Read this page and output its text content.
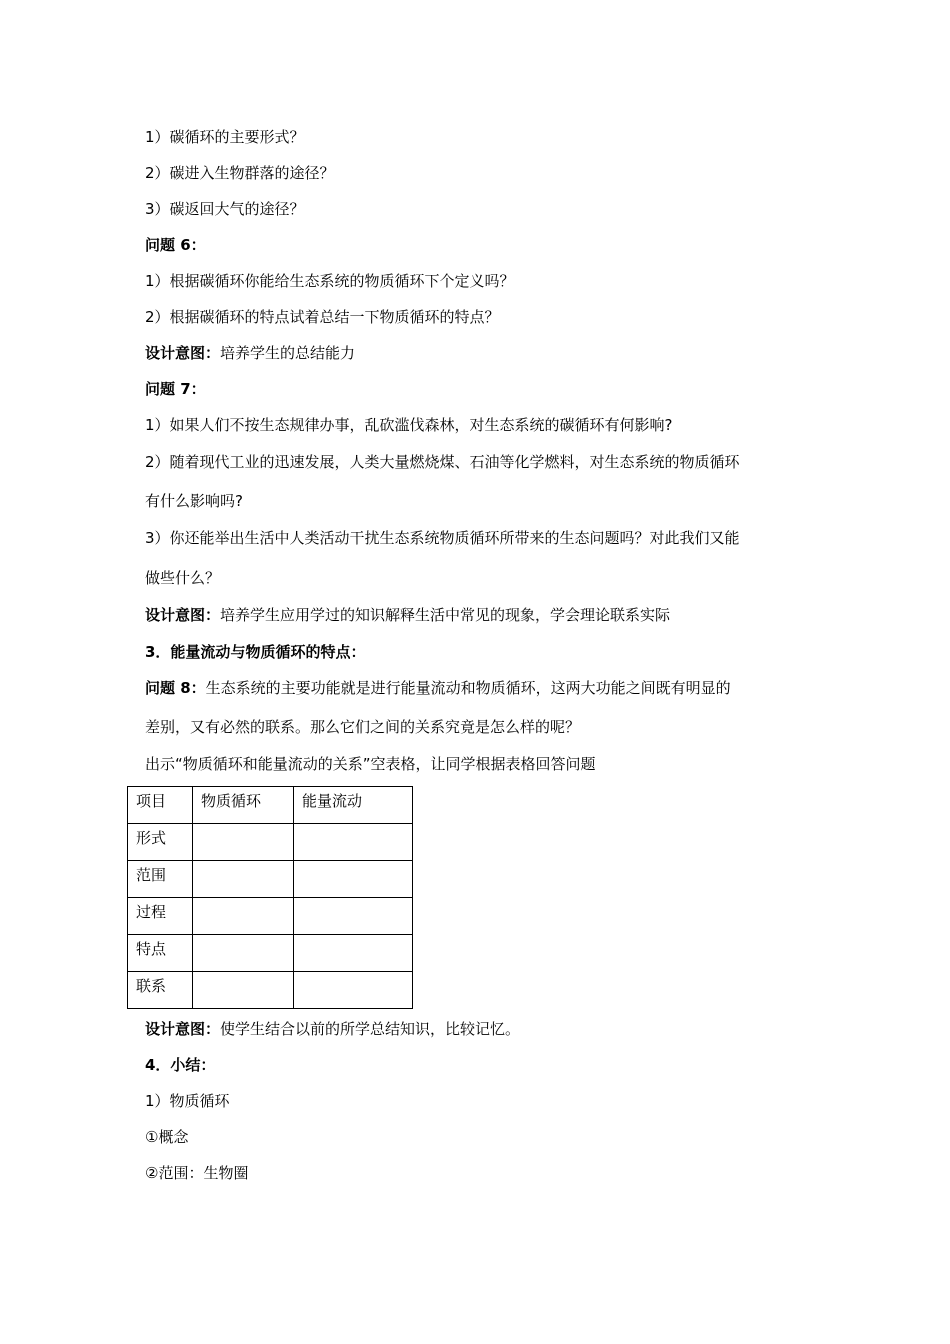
1）碳循环的主要形式？
2）碳进入生物群落的途径？
3）碳返回大气的途径？
问题 6：
1）根据碳循环你能给生态系统的物质循环下个定义吗？
2）根据碳循环的特点试着总结一下物质循环的特点？
设计意图：培养学生的总结能力
问题 7：
1）如果人们不按生态规律办事，乱砍滥伐森林，对生态系统的碳循环有何影响?
2）随着现代工业的迅速发展，人类大量燃烧煤、石油等化学燃料，对生态系统的物质循环
有什么影响吗?
3）你还能举出生活中人类活动干扰生态系统物质循环所带来的生态问题吗？对此我们又能
做些什么？
设计意图：培养学生应用学过的知识解释生活中常见的现象，学会理论联系实际
3．能量流动与物质循环的特点：
问题 8：生态系统的主要功能就是进行能量流动和物质循环，这两大功能之间既有明显的
差别，又有必然的联系。那么它们之间的关系究竟是怎么样的呢？
出示“物质循环和能量流动的关系”空表格，让同学根据表格回答问题
项目	物质循环	能量流动
形式		
范围		
过程		
特点		
联系		
设计意图：使学生结合以前的所学总结知识，比较记忆。
4．小结：
1）物质循环
①概念
②范围：生物圈
